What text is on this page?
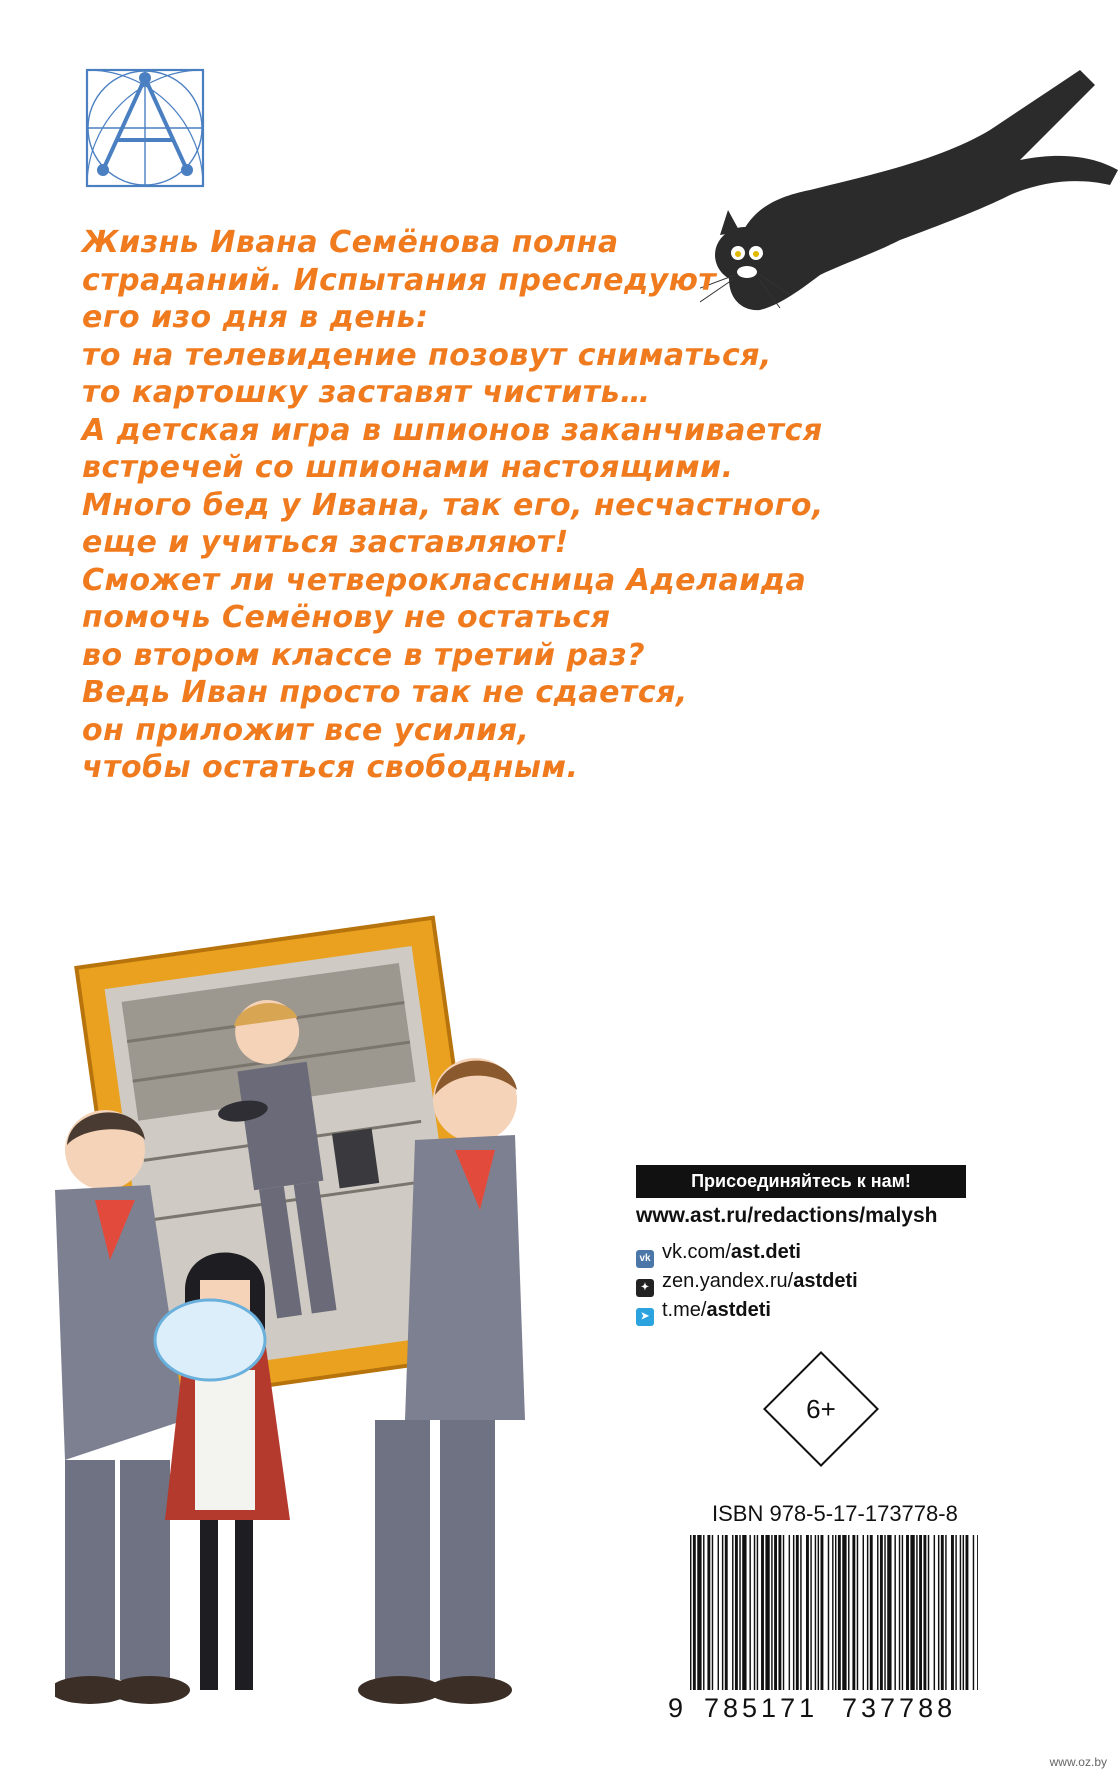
Жизнь Ивана Семёнова полна
страданий. Испытания преследуют
его изо дня в день:
то на телевидение позовут сниматься,
то картошку заставят чистить…
А детская игра в шпионов заканчивается
встречей со шпионами настоящими.
Много бед у Ивана, так его, несчастного,
еще и учиться заставляют!
Сможет ли четвероклассница Аделаида
помочь Семёнову не остаться
во втором классе в третий раз?
Ведь Иван просто так не сдается,
он приложит все усилия,
чтобы остаться свободным.
Присоединяйтесь к нам!
www.ast.ru/redactions/malysh
vk vk.com/ast.deti
✦ zen.yandex.ru/astdeti
➤ t.me/astdeti
6+
ISBN 978-5-17-173778-8
9 785171 737788
www.oz.by
